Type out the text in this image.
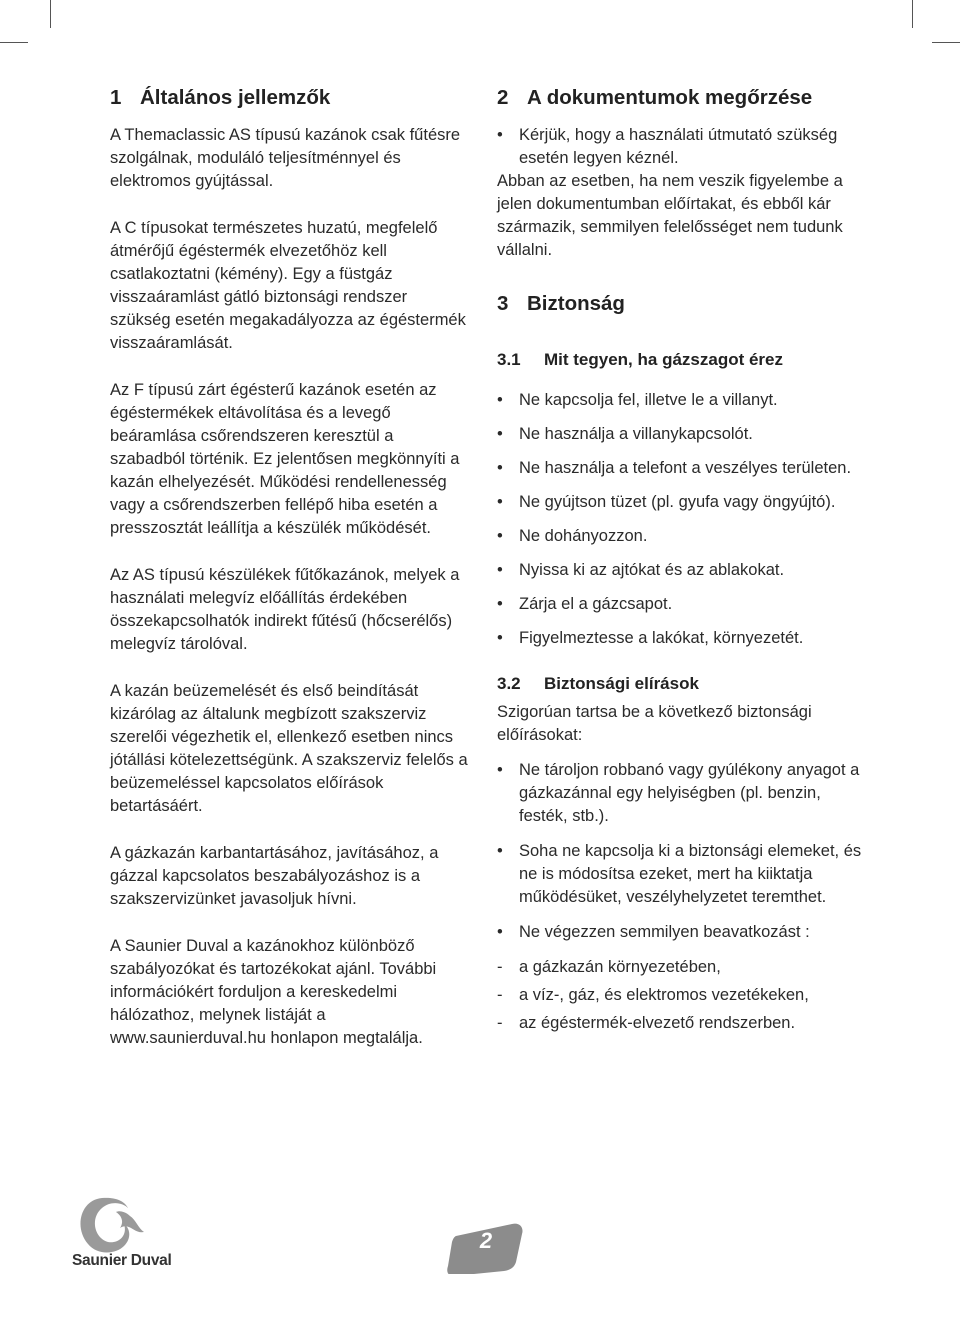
1 Általános jellemzők

A Themaclassic AS típusú kazánok csak fűtésre szolgálnak, moduláló teljesítménnyel és elektromos gyújtással.

A C típusokat természetes huzatú, megfelelő átmérőjű égéstermék elvezetőhöz kell csatlakoztatni (kémény). Egy a füstgáz visszaáramlást gátló biztonsági rendszer szükség esetén megakadályozza az égéstermék visszaáramlását.

Az F típusú zárt égésterű kazánok esetén az égéstermékek eltávolítása és a levegő beáramlása csőrendszeren keresztül a szabadból történik. Ez jelentősen megkönnyíti a kazán elhelyezését. Működési rendellenesség vagy a csőrendszerben fellépő hiba esetén a presszosztát leállítja a készülék működését.

Az AS típusú készülékek fűtőkazánok, melyek a használati melegvíz előállítás érdekében összekapcsolhatók indirekt fűtésű (hőcserélős) melegvíz tárolóval.

A kazán beüzemelését és első beindítását kizárólag az általunk megbízott szakszerviz szerelői végezhetik el, ellenkező esetben nincs jótállási kötelezettségünk. A szakszerviz felelős a beüzemeléssel kapcsolatos előírások betartásáért.

A gázkazán karbantartásához, javításához, a gázzal kapcsolatos beszabályozáshoz is a szakszervizünket javasoljuk hívni.

A Saunier Duval a kazánokhoz különböző szabályozókat és tartozékokat ajánl. További információkért forduljon a kereskedelmi hálózathoz, melynek listáját a www.saunierduval.hu honlapon megtalálja.

2 A dokumentumok megőrzése
• Kérjük, hogy a használati útmutató szükség esetén legyen kéznél.

Abban az esetben, ha nem veszik figyelembe a jelen dokumentumban előírtakat, és ebből kár származik, semmilyen felelősséget nem tudunk vállalni.

3 Biztonság
3.1 Mit tegyen, ha gázszagot érez
• Ne kapcsolja fel, illetve le a villanyt.
• Ne használja a villanykapcsolót.
• Ne használja a telefont a veszélyes területen.
• Ne gyújtson tüzet (pl. gyufa vagy öngyújtó).
• Ne dohányozzon.
• Nyissa ki az ajtókat és az ablakokat.
• Zárja el a gázcsapot.
• Figyelmeztesse a lakókat, környezetét.
3.2 Biztonsági elírások

Szigorúan tartsa be a következő biztonsági előírásokat:

• Ne tároljon robbanó vagy gyúlékony anyagot a gázkazánnal egy helyiségben (pl. benzin, festék, stb.).
• Soha ne kapcsolja ki a biztonsági elemeket, és ne is módosítsa ezeket, mert ha kiiktatja működésüket, veszélyhelyzetet teremthet.
• Ne végezzen semmilyen beavatkozást :
-	a gázkazán környezetében,
-	a víz-, gáz, és elektromos vezetékeken,
-	az égéstermék-elvezető rendszerben.
Saunier Duval
2
